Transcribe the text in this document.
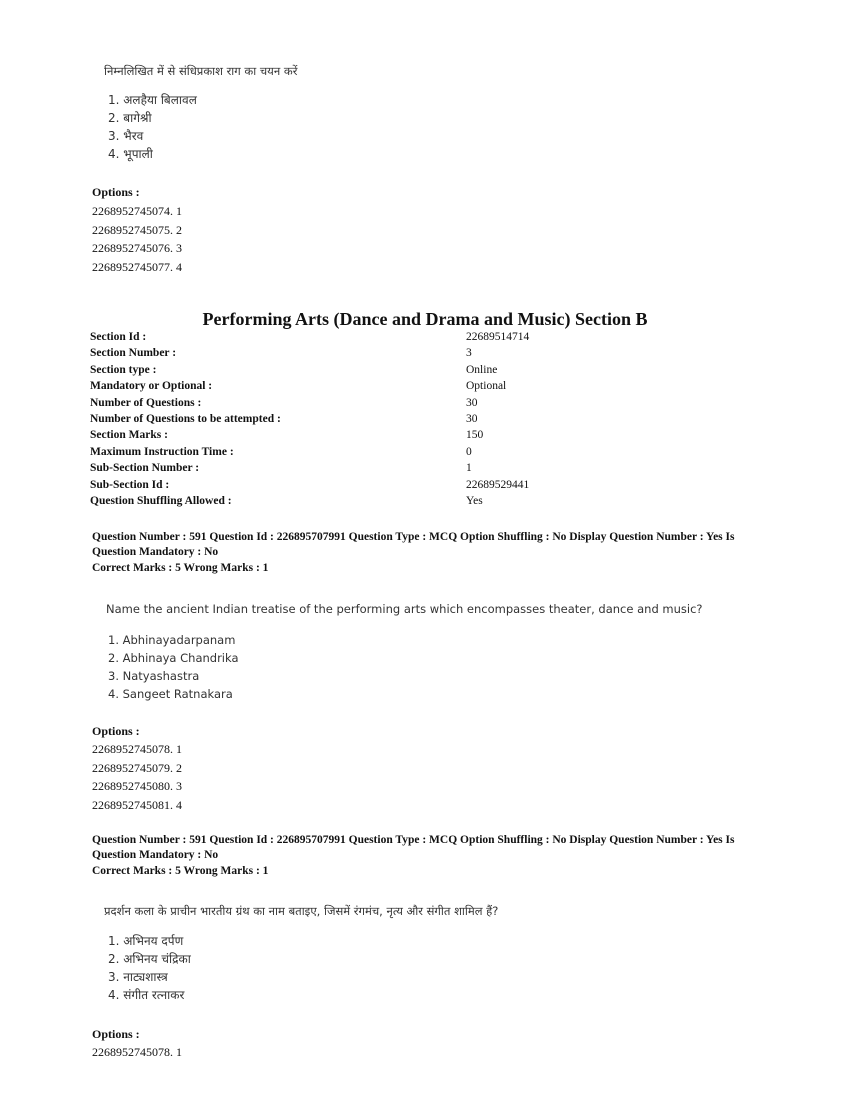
निम्नलिखित में से संधिप्रकाश राग का चयन करें
1. अलहैया बिलावल
2. बागेश्री
3. भैरव
4. भूपाली
Options :
2268952745074. 1
2268952745075. 2
2268952745076. 3
2268952745077. 4
Performing Arts (Dance and Drama and Music) Section B
Section Id :	22689514714
Section Number :	3
Section type :	Online
Mandatory or Optional :	Optional
Number of Questions :	30
Number of Questions to be attempted :	30
Section Marks :	150
Maximum Instruction Time :	0
Sub-Section Number :	1
Sub-Section Id :	22689529441
Question Shuffling Allowed :	Yes
Question Number : 591 Question Id : 226895707991 Question Type : MCQ Option Shuffling : No Display Question Number : Yes Is
Question Mandatory : No
Correct Marks : 5 Wrong Marks : 1
Name the ancient Indian treatise of the performing arts which encompasses theater, dance and music?
1. Abhinayadarpanam
2. Abhinaya Chandrika
3. Natyashastra
4. Sangeet Ratnakara
Options :
2268952745078. 1
2268952745079. 2
2268952745080. 3
2268952745081. 4
Question Number : 591 Question Id : 226895707991 Question Type : MCQ Option Shuffling : No Display Question Number : Yes Is
Question Mandatory : No
Correct Marks : 5 Wrong Marks : 1
प्रदर्शन कला के प्राचीन भारतीय ग्रंथ का नाम बताइए, जिसमें रंगमंच, नृत्य और संगीत शामिल हैं?
1. अभिनय दर्पण
2. अभिनय चंद्रिका
3. नाट्यशास्त्र
4. संगीत रत्नाकर
Options :
2268952745078. 1
